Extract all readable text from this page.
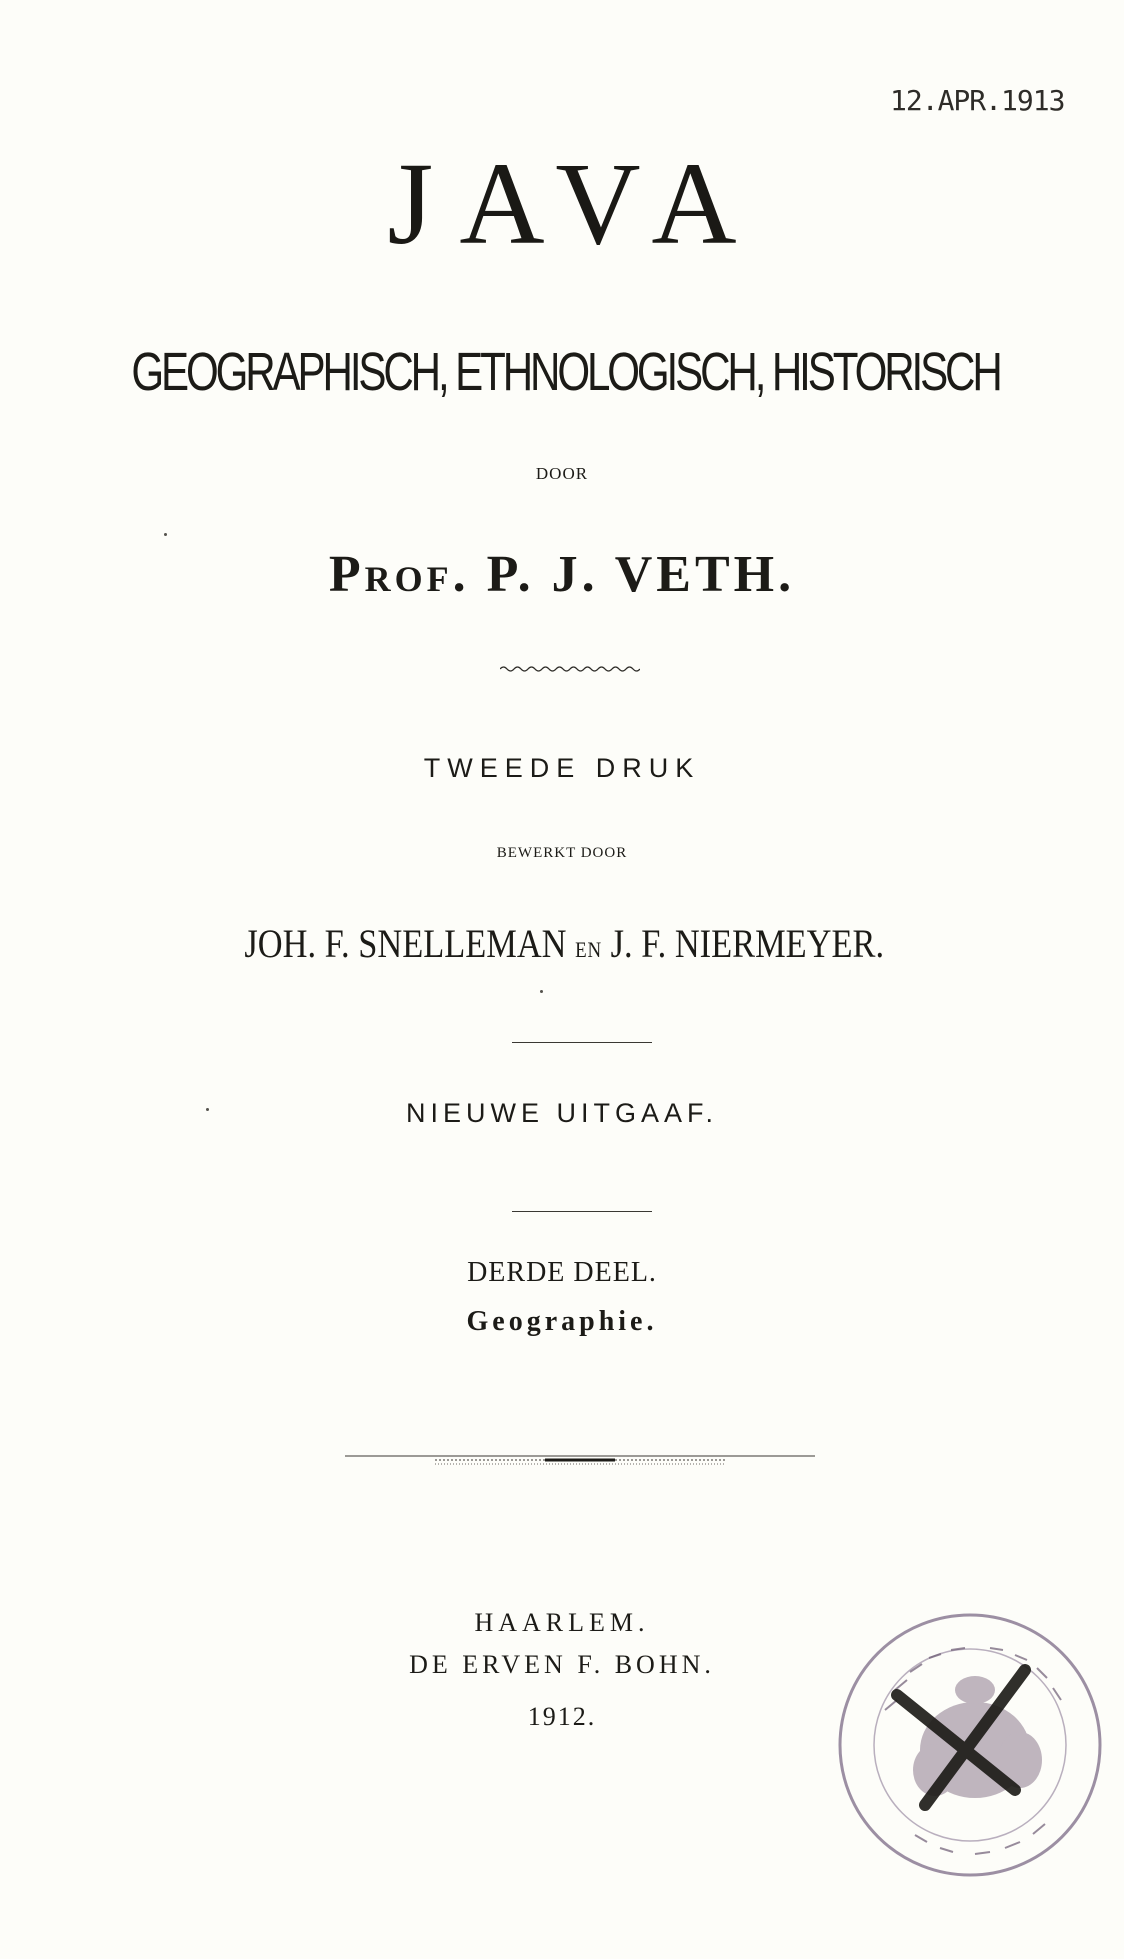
12.APR.1913
JAVA
GEOGRAPHISCH, ETHNOLOGISCH, HISTORISCH
DOOR
Prof. P. J. VETH.
TWEEDE DRUK
BEWERKT DOOR
JOH. F. SNELLEMAN EN J. F. NIERMEYER.
NIEUWE UITGAAF.
DERDE DEEL.
Geographie.
HAARLEM.
DE ERVEN F. BOHN.
1912.
